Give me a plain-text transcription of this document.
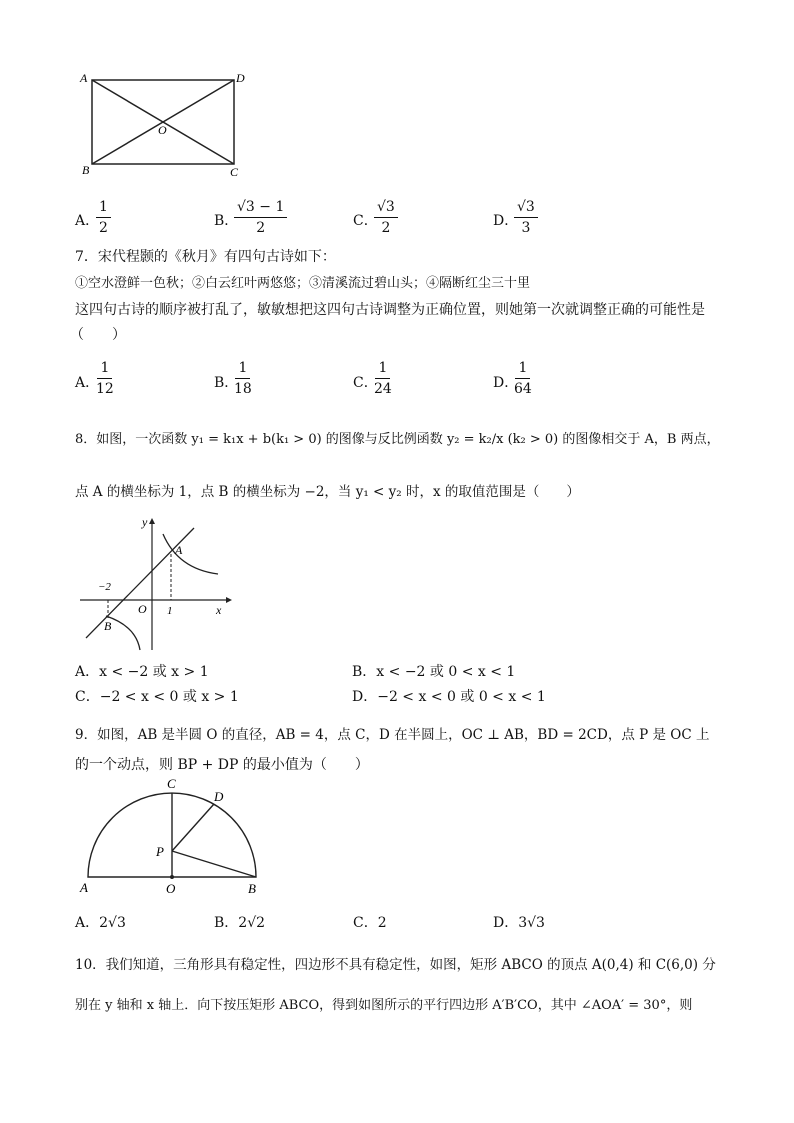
A	D
B	C
O
A．
$\frac{1}{2}$	B．
$\frac{√3 - 1}{2}$	C．
$\frac{√3}{2}$	D．
$\frac{√3}{3}$
7．宋代程颢的《秋月》有四句古诗如下：
①空水澄鲜一色秋；②白云红叶两悠悠；③清溪流过碧山头；④隔断红尘三十里
这四句古诗的顺序被打乱了，敏敏想把这四句古诗调整为正确位置，则她第一次就调整正确的可能性是
（　　）
A．
$\frac{1}{12}$	B．
$\frac{1}{18}$	C．
$\frac{1}{24}$	D．
$\frac{1}{64}$
8．如图，一次函数 y₁ = k₁x + b(k₁ > 0) 的图像与反比例函数 y₂ = k₂/x (k₂ > 0) 的图像相交于 A，B 两点，
点 A 的横坐标为 1，点 B 的横坐标为 −2，当 y₁ < y₂ 时，x 的取值范围是（　　）
y
x
O
A
B
−2
1
A．x < −2 或 x > 1	B．x < −2 或 0 < x < 1
C．−2 < x < 0 或 x > 1	D．−2 < x < 0 或 0 < x < 1
9．如图，AB 是半圆 O 的直径，AB = 4，点 C，D 在半圆上，OC ⊥ AB，BD = 2CD，点 P 是 OC 上
的一个动点，则 BP + DP 的最小值为（　　）
C
D
P
A	O	B
A．2√3	B．2√2	C．2	D．3√3
10．我们知道，三角形具有稳定性，四边形不具有稳定性，如图，矩形 ABCO 的顶点 A(0,4) 和 C(6,0) 分
别在 y 轴和 x 轴上．向下按压矩形 ABCO，得到如图所示的平行四边形 A′B′CO，其中 ∠AOA′ = 30°，则
